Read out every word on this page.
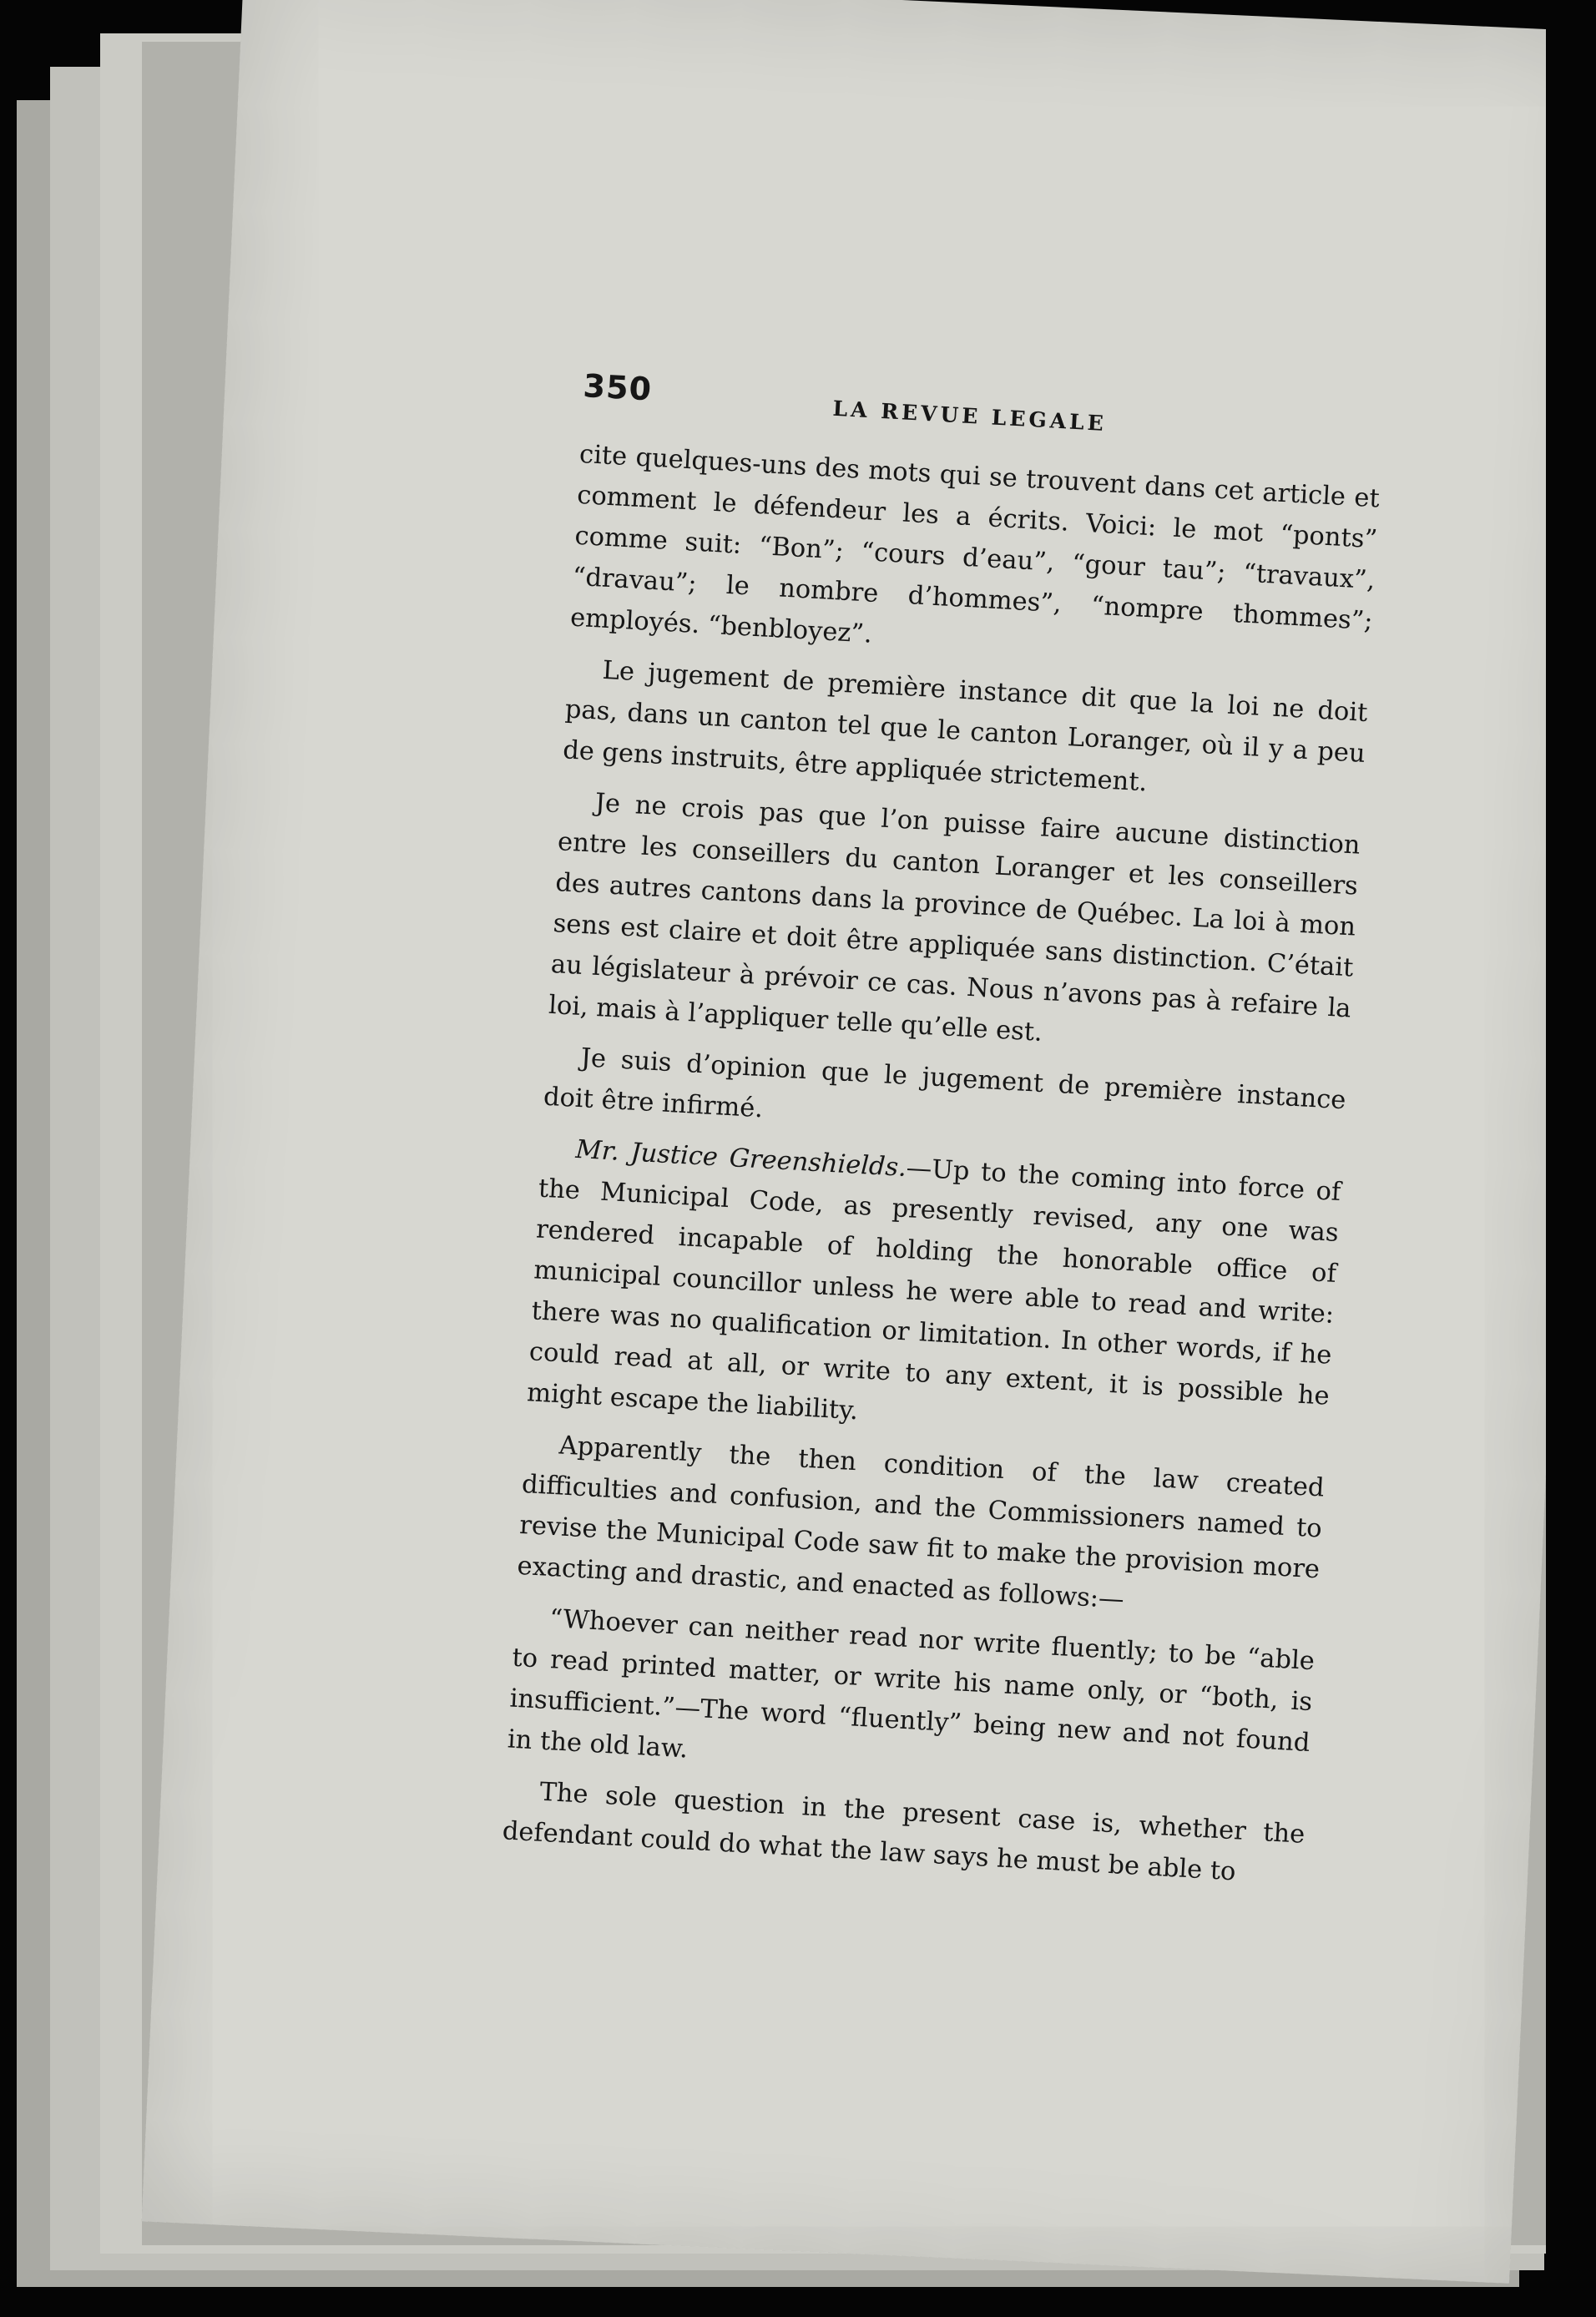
350
LA REVUE LEGALE

cite quelques-uns des mots qui se trouvent dans cet article et comment le défendeur les a écrits. Voici: le mot “ponts” comme suit: “Bon”; “cours d’eau”, “gour tau”; “travaux”, “dravau”; le nombre d’hommes”, “nompre thommes”; employés. “benbloyez”.

Le jugement de première instance dit que la loi ne doit pas, dans un canton tel que le canton Loranger, où il y a peu de gens instruits, être appliquée strictement.

Je ne crois pas que l’on puisse faire aucune distinction entre les conseillers du canton Loranger et les conseillers des autres cantons dans la province de Québec. La loi à mon sens est claire et doit être appliquée sans distinction. C’était au législateur à prévoir ce cas. Nous n’avons pas à refaire la loi, mais à l’appliquer telle qu’elle est.

Je suis d’opinion que le jugement de première instance doit être infirmé.

Mr. Justice Greenshields.—Up to the coming into force of the Municipal Code, as presently revised, any one was rendered incapable of holding the honorable office of municipal councillor unless he were able to read and write: there was no qualification or limitation. In other words, if he could read at all, or write to any extent, it is possible he might escape the liability.

Apparently the then condition of the law created difficulties and confusion, and the Commissioners named to revise the Municipal Code saw fit to make the provision more exacting and drastic, and enacted as follows:—

“Whoever can neither read nor write fluently; to be “able to read printed matter, or write his name only, or “both, is insufficient.”—The word “fluently” being new and not found in the old law.

The sole question in the present case is, whether the defendant could do what the law says he must be able to
